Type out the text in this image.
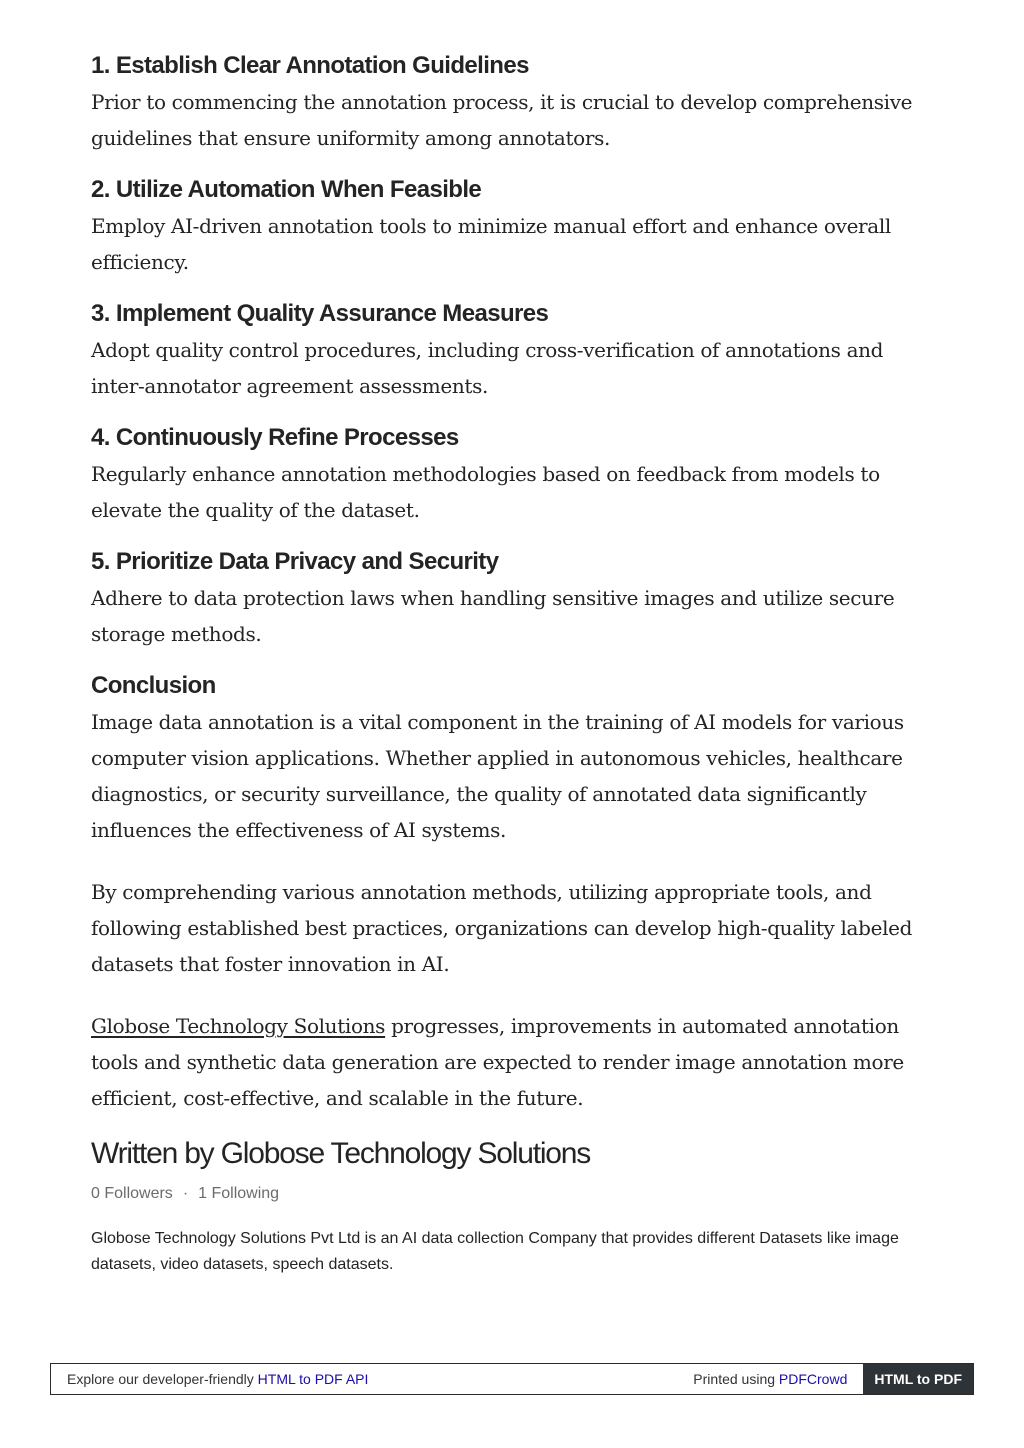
1. Establish Clear Annotation Guidelines

Prior to commencing the annotation process, it is crucial to develop comprehensive guidelines that ensure uniformity among annotators.

2. Utilize Automation When Feasible

Employ AI-driven annotation tools to minimize manual effort and enhance overall efficiency.

3. Implement Quality Assurance Measures

Adopt quality control procedures, including cross-verification of annotations and inter-annotator agreement assessments.

4. Continuously Refine Processes

Regularly enhance annotation methodologies based on feedback from models to elevate the quality of the dataset.

5. Prioritize Data Privacy and Security

Adhere to data protection laws when handling sensitive images and utilize secure storage methods.

Conclusion

Image data annotation is a vital component in the training of AI models for various computer vision applications. Whether applied in autonomous vehicles, healthcare diagnostics, or security surveillance, the quality of annotated data significantly influences the effectiveness of AI systems.

By comprehending various annotation methods, utilizing appropriate tools, and following established best practices, organizations can develop high-quality labeled datasets that foster innovation in AI.

Globose Technology Solutions progresses, improvements in automated annotation tools and synthetic data generation are expected to render image annotation more efficient, cost-effective, and scalable in the future.

Written by Globose Technology Solutions
0 Followers · 1 Following

Globose Technology Solutions Pvt Ltd is an AI data collection Company that provides different Datasets like image datasets, video datasets, speech datasets.

Explore our developer-friendly HTML to PDF API	Printed using PDFCrowd	HTML to PDF
